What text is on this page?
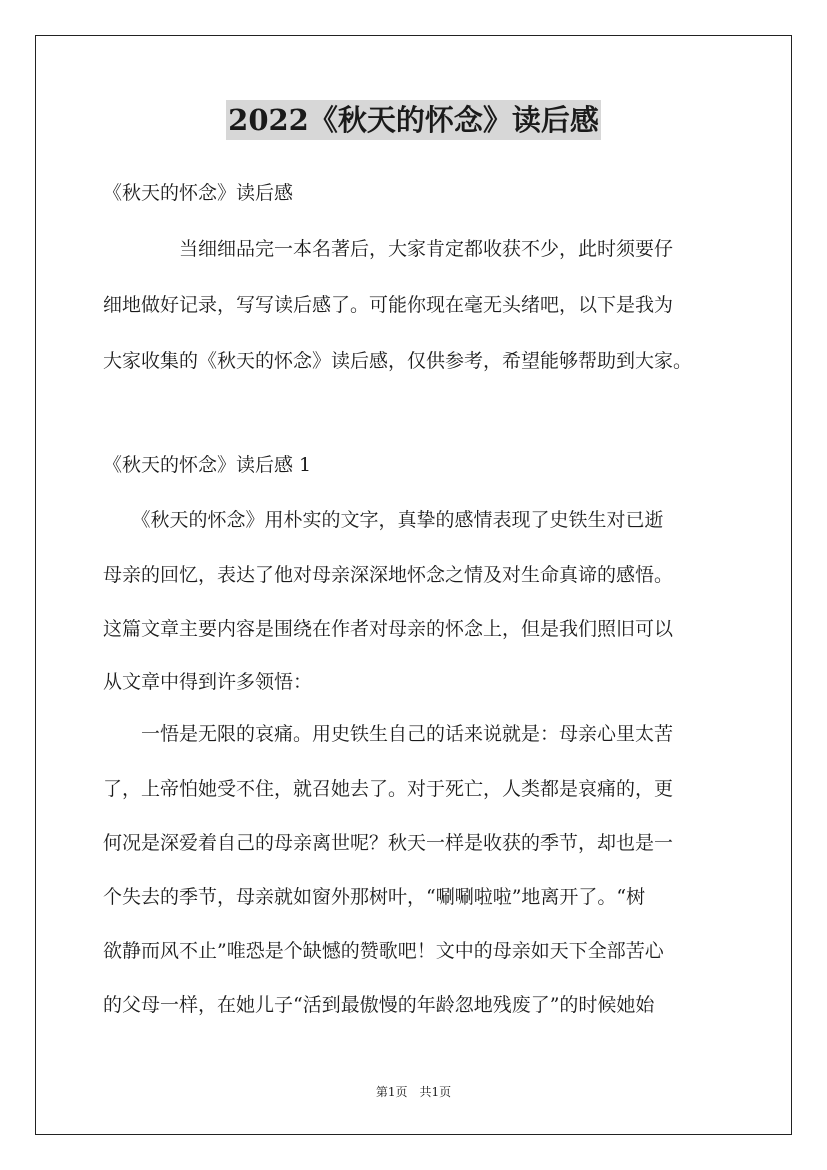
2022《秋天的怀念》读后感
《秋天的怀念》读后感
　　　　当细细品完一本名著后，大家肯定都收获不少，此时须要仔
细地做好记录，写写读后感了。可能你现在毫无头绪吧，以下是我为
大家收集的《秋天的怀念》读后感，仅供参考，希望能够帮助到大家。
《秋天的怀念》读后感 1
　　《秋天的怀念》用朴实的文字，真挚的感情表现了史铁生对已逝
母亲的回忆，表达了他对母亲深深地怀念之情及对生命真谛的感悟。
这篇文章主要内容是围绕在作者对母亲的怀念上，但是我们照旧可以
从文章中得到许多领悟：
　　一悟是无限的哀痛。用史铁生自己的话来说就是：母亲心里太苦
了，上帝怕她受不住，就召她去了。对于死亡，人类都是哀痛的，更
何况是深爱着自己的母亲离世呢？秋天一样是收获的季节，却也是一
个失去的季节，母亲就如窗外那树叶，“唰唰啦啦”地离开了。“树
欲静而风不止”唯恐是个缺憾的赞歌吧！文中的母亲如天下全部苦心
的父母一样，在她儿子“活到最傲慢的年龄忽地残废了”的时候她始
第1页　共1页
